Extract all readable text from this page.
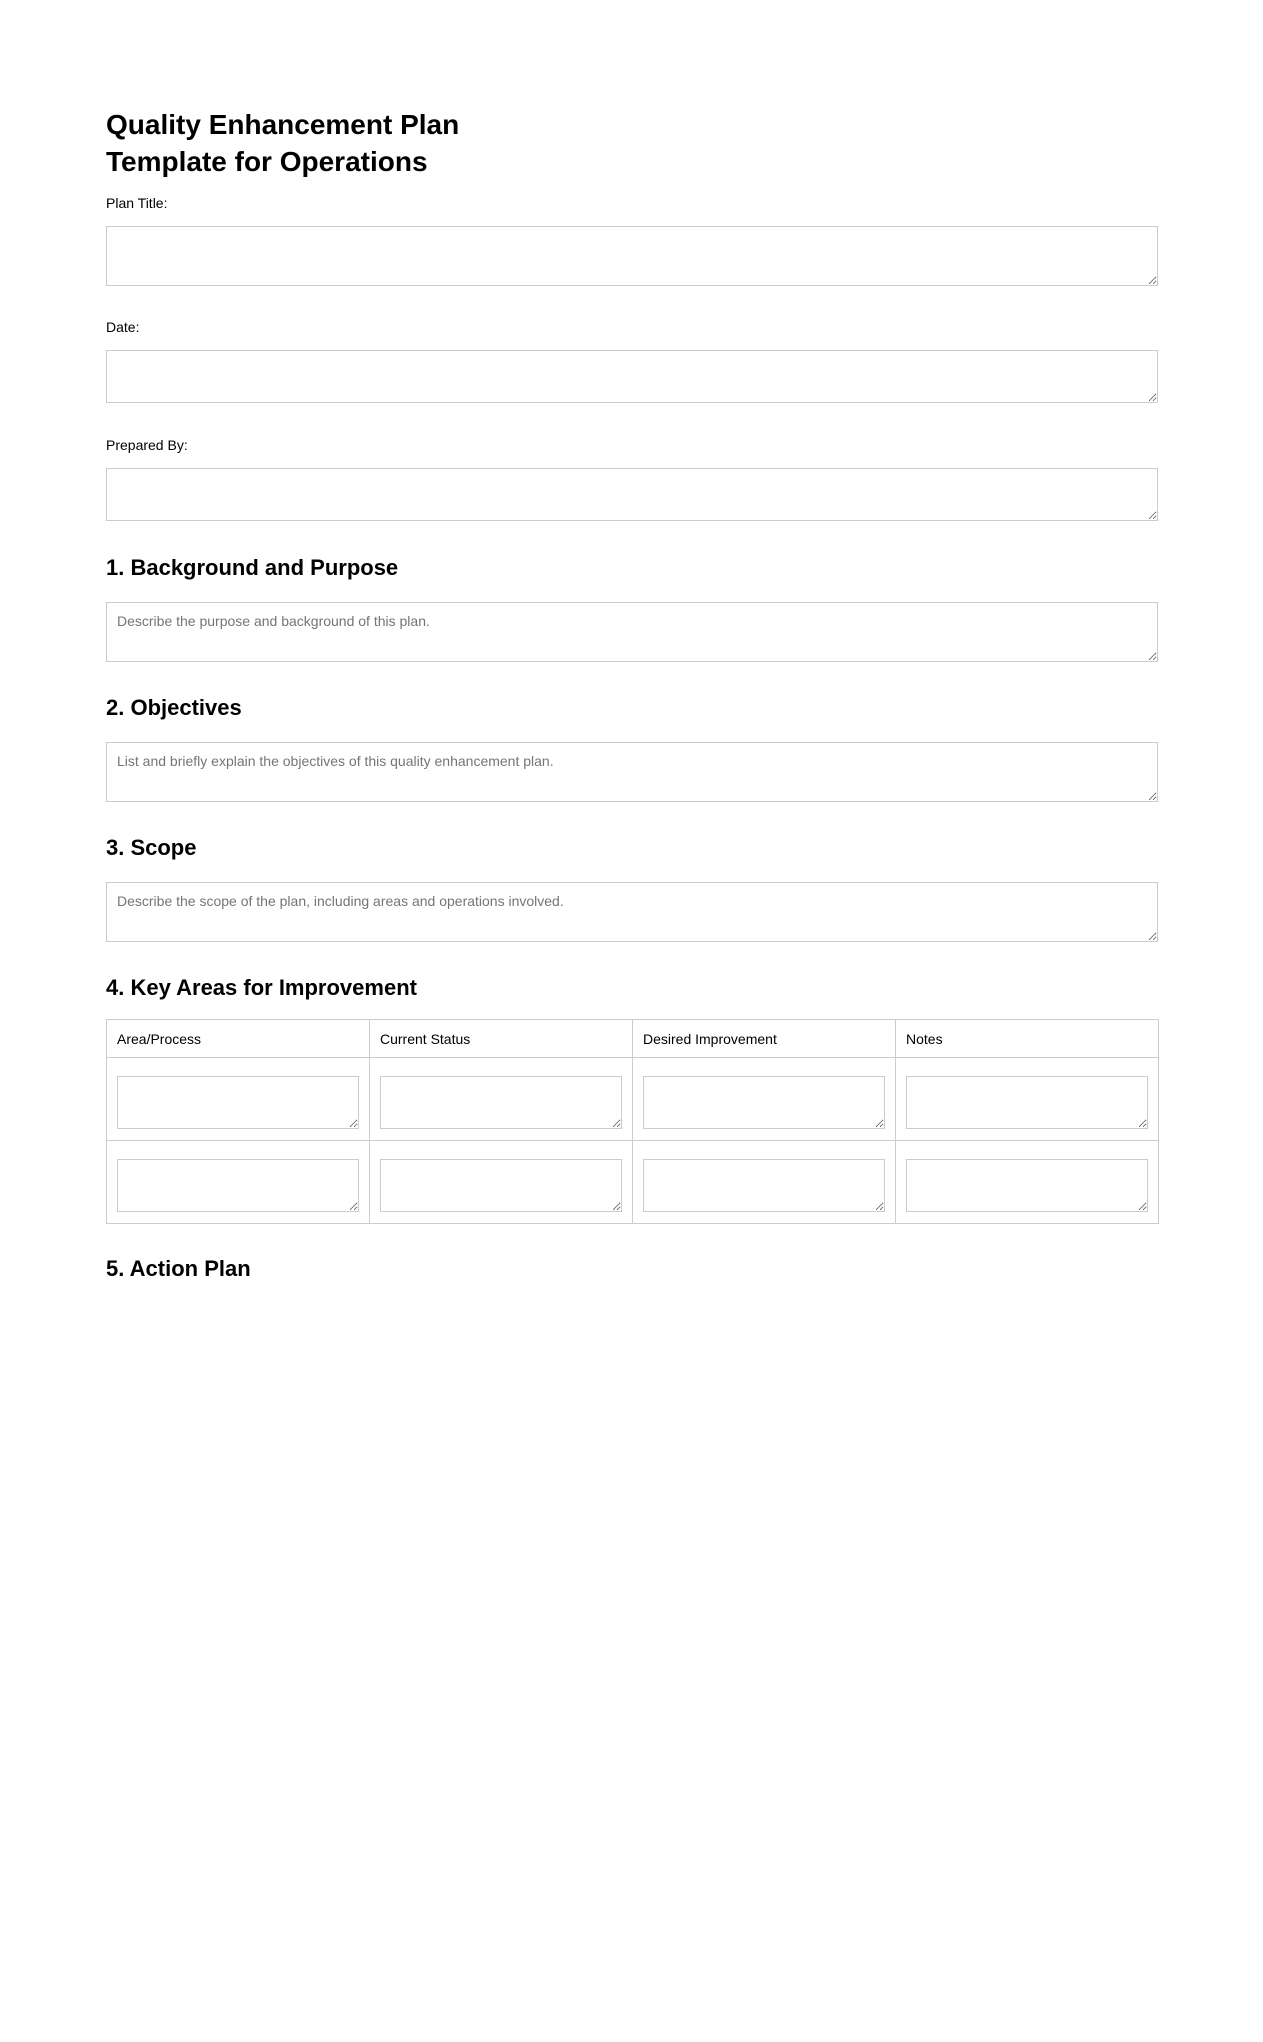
Quality Enhancement Plan Template for Operations
Plan Title:
Date:
Prepared By:
1. Background and Purpose
Describe the purpose and background of this plan.
2. Objectives
List and briefly explain the objectives of this quality enhancement plan.
3. Scope
Describe the scope of the plan, including areas and operations involved.
4. Key Areas for Improvement
Area/Process	Current Status	Desired Improvement	Notes

5. Action Plan
